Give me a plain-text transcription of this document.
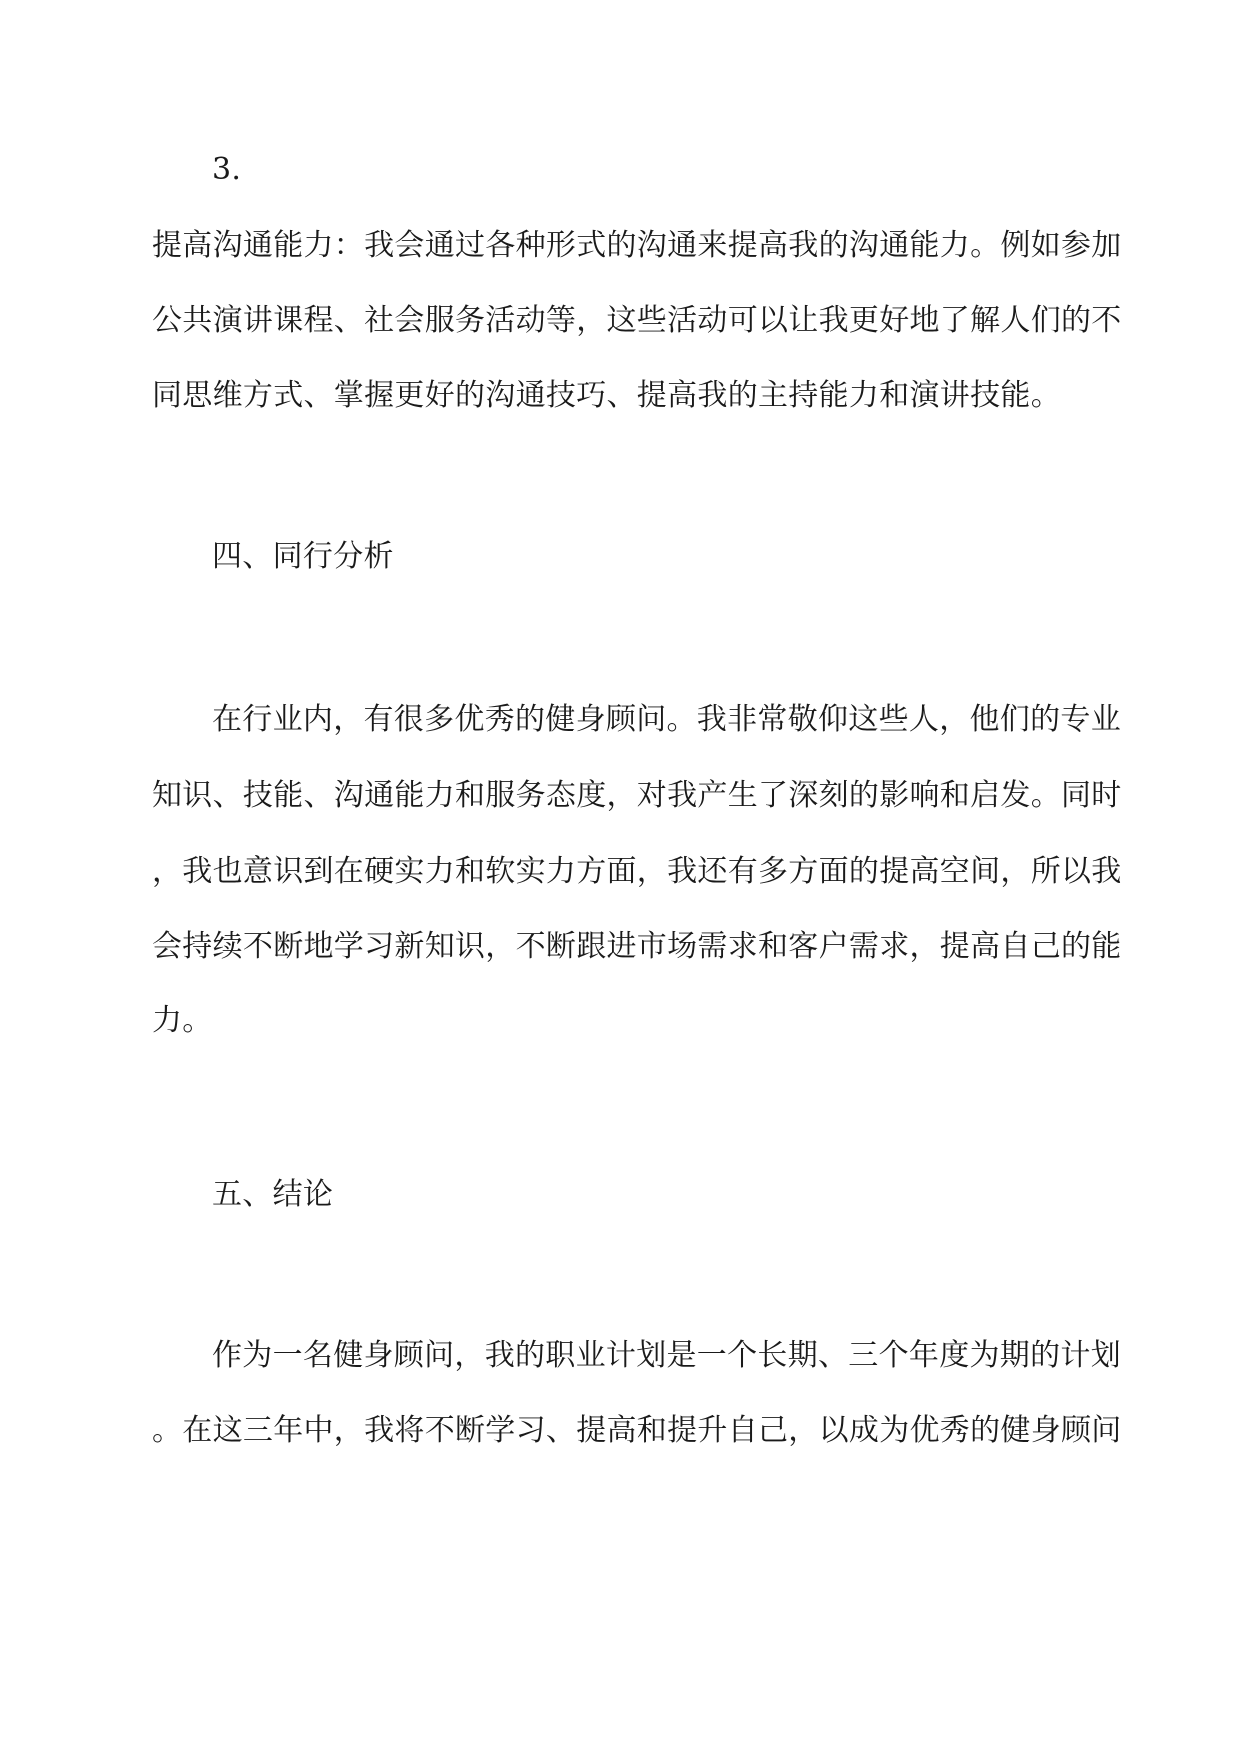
3.
提高沟通能力：我会通过各种形式的沟通来提高我的沟通能力。例如参加
公共演讲课程、社会服务活动等，这些活动可以让我更好地了解人们的不
同思维方式、掌握更好的沟通技巧、提高我的主持能力和演讲技能。
四、同行分析
在行业内，有很多优秀的健身顾问。我非常敬仰这些人，他们的专业
知识、技能、沟通能力和服务态度，对我产生了深刻的影响和启发。同时
，我也意识到在硬实力和软实力方面，我还有多方面的提高空间，所以我
会持续不断地学习新知识，不断跟进市场需求和客户需求，提高自己的能
力。
五、结论
作为一名健身顾问，我的职业计划是一个长期、三个年度为期的计划
。在这三年中，我将不断学习、提高和提升自己，以成为优秀的健身顾问
